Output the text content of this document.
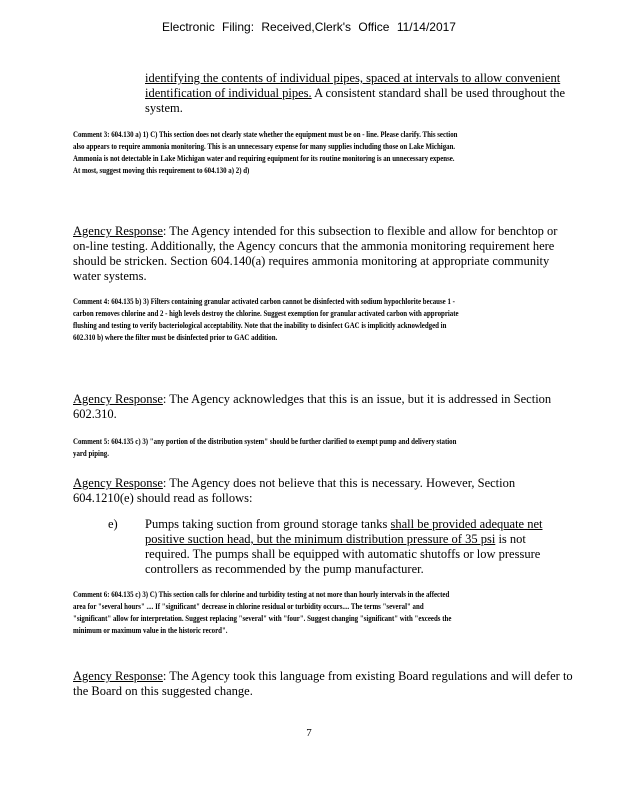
Electronic Filing: Received,Clerk's Office 11/14/2017
identifying the contents of individual pipes, spaced at intervals to allow convenient identification of individual pipes. A consistent standard shall be used throughout the system.
Comment 3: 604.130 a) 1) C) This section does not clearly state whether the equipment must be on - line. Please clarify. This section also appears to require ammonia monitoring. This is an unnecessary expense for many supplies including those on Lake Michigan. Ammonia is not detectable in Lake Michigan water and requiring equipment for its routine monitoring is an unnecessary expense. At most, suggest moving this requirement to 604.130 a) 2) d)
Agency Response: The Agency intended for this subsection to flexible and allow for benchtop or on-line testing. Additionally, the Agency concurs that the ammonia monitoring requirement here should be stricken. Section 604.140(a) requires ammonia monitoring at appropriate community water systems.
Comment 4: 604.135 b) 3) Filters containing granular activated carbon cannot be disinfected with sodium hypochlorite because 1 - carbon removes chlorine and 2 - high levels destroy the chlorine. Suggest exemption for granular activated carbon with appropriate flushing and testing to verify bacteriological acceptability. Note that the inability to disinfect GAC is implicitly acknowledged in 602.310 b) where the filter must be disinfected prior to GAC addition.
Agency Response: The Agency acknowledges that this is an issue, but it is addressed in Section 602.310.
Comment 5: 604.135 c) 3) "any portion of the distribution system" should be further clarified to exempt pump and delivery station yard piping.
Agency Response: The Agency does not believe that this is necessary. However, Section 604.1210(e) should read as follows:
e) Pumps taking suction from ground storage tanks shall be provided adequate net positive suction head, but the minimum distribution pressure of 35 psi is not required. The pumps shall be equipped with automatic shutoffs or low pressure controllers as recommended by the pump manufacturer.
Comment 6: 604.135 c) 3) C) This section calls for chlorine and turbidity testing at not more than hourly intervals in the affected area for "several hours" .... If "significant" decrease in chlorine residual or turbidity occurs.... The terms "several" and "significant" allow for interpretation. Suggest replacing "several" with "four". Suggest changing "significant" with "exceeds the minimum or maximum value in the historic record".
Agency Response: The Agency took this language from existing Board regulations and will defer to the Board on this suggested change.
7
